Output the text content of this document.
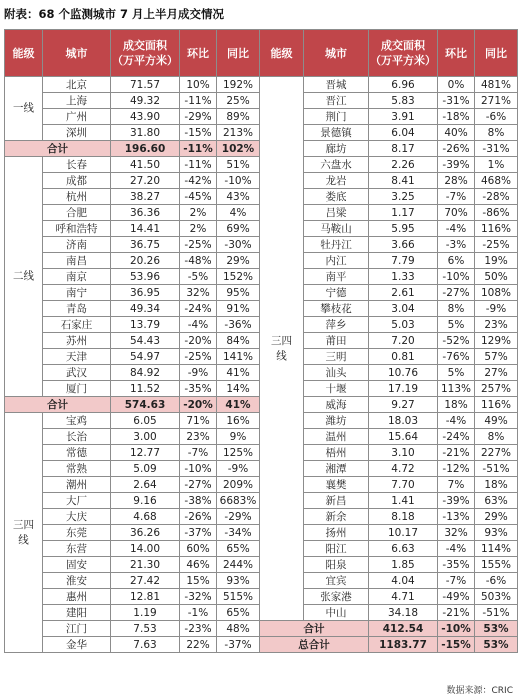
附表：68 个监测城市 7 月上半月成交情况
能级	城市	成交面积
（万平方米）	环比	同比	能级	城市	成交面积
（万平方米）	环比	同比
一线	北京	71.57	10%	192%	三四线	晋城	6.96	0%	481%
	上海	49.32	-11%	25%		晋江	5.83	-31%	271%
	广州	43.90	-29%	89%		荆门	3.91	-18%	-6%
	深圳	31.80	-15%	213%		景德镇	6.04	40%	8%
合计		196.60	-11%	102%		廊坊	8.17	-26%	-31%
二线	长春	41.50	-11%	51%		六盘水	2.26	-39%	1%
	成都	27.20	-42%	-10%		龙岩	8.41	28%	468%
	杭州	38.27	-45%	43%		娄底	3.25	-7%	-28%
	合肥	36.36	2%	4%		吕梁	1.17	70%	-86%
	呼和浩特	14.41	2%	69%		马鞍山	5.95	-4%	116%
	济南	36.75	-25%	-30%		牡丹江	3.66	-3%	-25%
	南昌	20.26	-48%	29%		内江	7.79	6%	19%
	南京	53.96	-5%	152%		南平	1.33	-10%	50%
	南宁	36.95	32%	95%		宁德	2.61	-27%	108%
	青岛	49.34	-24%	91%		攀枝花	3.04	8%	-9%
	石家庄	13.79	-4%	-36%		萍乡	5.03	5%	23%
	苏州	54.43	-20%	84%		莆田	7.20	-52%	129%
	天津	54.97	-25%	141%		三明	0.81	-76%	57%
	武汉	84.92	-9%	41%		汕头	10.76	5%	27%
	厦门	11.52	-35%	14%		十堰	17.19	113%	257%
合计		574.63	-20%	41%		威海	9.27	18%	116%
三四线	宝鸡	6.05	71%	16%		潍坊	18.03	-4%	49%
	长治	3.00	23%	9%		温州	15.64	-24%	8%
	常德	12.77	-7%	125%		梧州	3.10	-21%	227%
	常熟	5.09	-10%	-9%		湘潭	4.72	-12%	-51%
	潮州	2.64	-27%	209%		襄樊	7.70	7%	18%
	大厂	9.16	-38%	6683%		新昌	1.41	-39%	63%
	大庆	4.68	-26%	-29%		新余	8.18	-13%	29%
	东莞	36.26	-37%	-34%		扬州	10.17	32%	93%
	东营	14.00	60%	65%		阳江	6.63	-4%	114%
	固安	21.30	46%	244%		阳泉	1.85	-35%	155%
	淮安	27.42	15%	93%		宜宾	4.04	-7%	-6%
	惠州	12.81	-32%	515%		张家港	4.71	-49%	503%
	建阳	1.19	-1%	65%		中山	34.18	-21%	-51%
	江门	7.53	-23%	48%	合计		412.54	-10%	53%
	金华	7.63	22%	-37%	总合计		1183.77	-15%	53%
数据来源：CRIC
